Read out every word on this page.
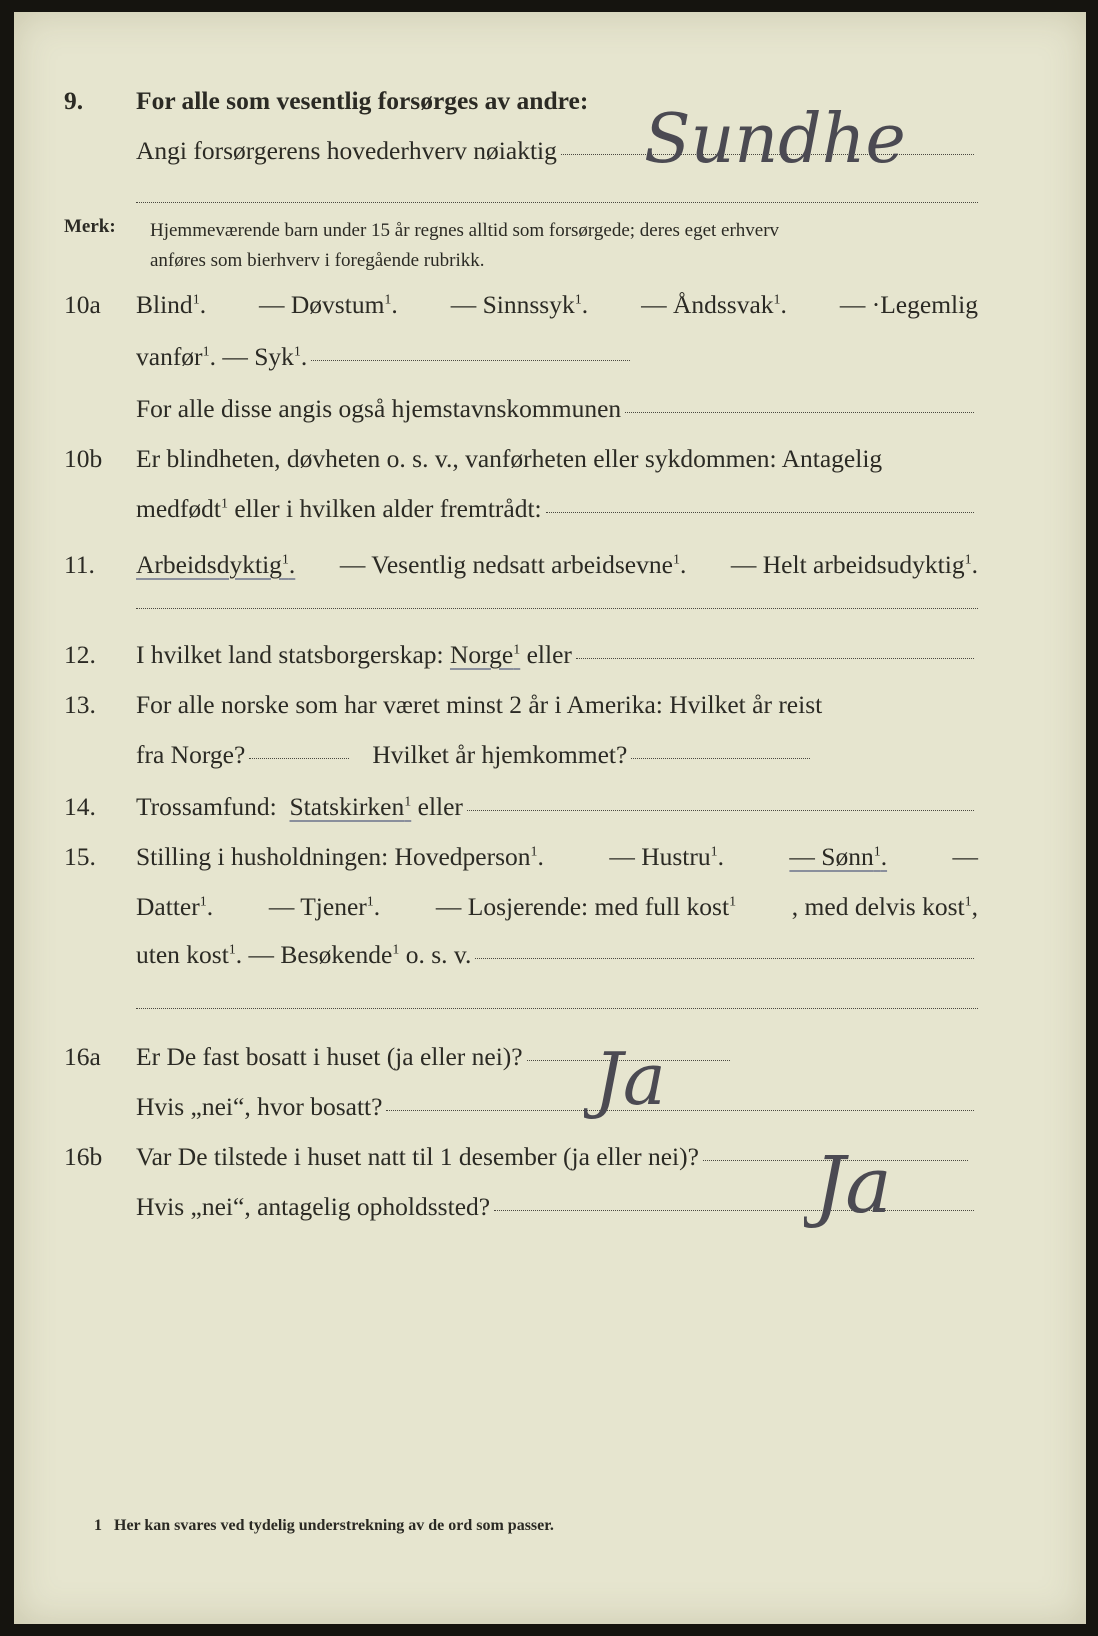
9. For alle som vesentlig forsørges av andre:
Angi forsørgerens hovederhverv nøiaktig Sundhe
Merk: Hjemmeværende barn under 15 år regnes alltid som forsørgede; deres eget erhverv
anføres som bierhverv i foregående rubrikk.
10a Blind$^1$. — Døvstum$^1$. — Sinnssyk$^1$. — Åndssvak$^1$. — ·Legemlig
vanfør$^1$.
— Syk$^1$.
For alle disse angis også hjemstavnskommunen
10b Er blindheten, døvheten o. s. v., vanførheten eller sykdommen: Antagelig
medfødt$^1$
eller i hvilken alder fremtrådt:
11. Arbeidsdyktig$^1$. — Vesentlig nedsatt arbeidsevne$^1$. — Helt arbeidsudyktig$^1$.
12. I hvilket land statsborgerskap:
Norge$^1$
eller
13. For alle norske som har været minst 2 år i Amerika: Hvilket år reist
fra Norge?
	Hvilket år hjemkommet?
14. Trossamfund:
Statskirken$^1$
eller
15. Stilling i husholdningen: Hovedperson$^1$.	— Hustru$^1$.	— Sønn$^1$.	—
Datter$^1$. — Tjener$^1$. — Losjerende: med full kost$^1$ , med delvis kost$^1$,
uten kost$^1$.
— Besøkende$^1$
o. s. v.
16a Er De fast bosatt i huset (ja eller nei)?
Hvis „nei“, hvor bosatt?	Ja
16b Var De tilstede i huset natt til 1 desember (ja eller nei)?
Hvis „nei“, antagelig opholdssted?	Ja
1 Her kan svares ved tydelig understrekning av de ord som passer.
